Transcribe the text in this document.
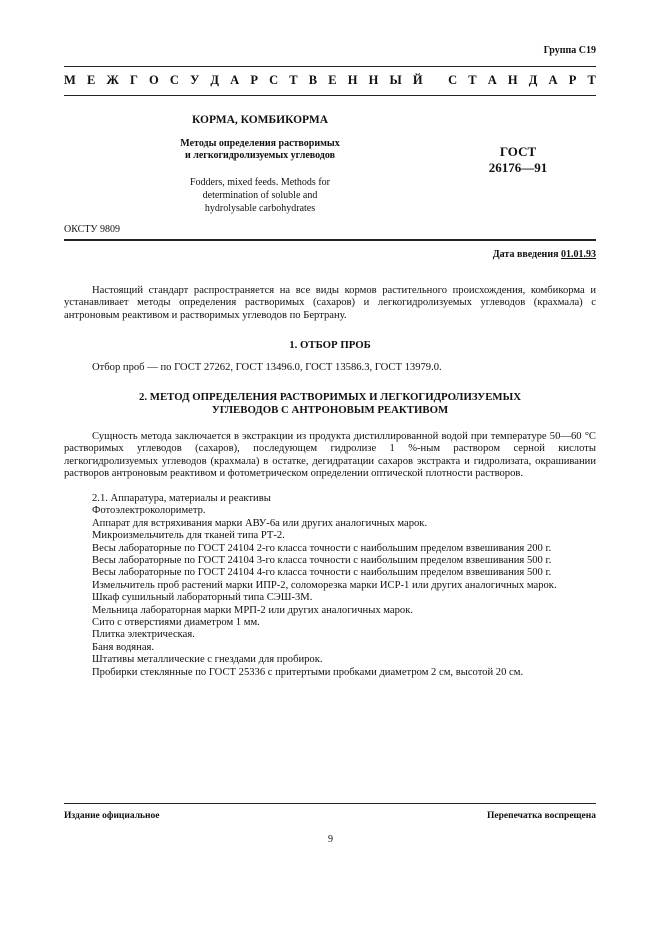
Группа С19
М Е Ж Г О С У Д А Р С Т В Е Н Н Ы Й
С Т А Н Д А Р Т
КОРМА, КОМБИКОРМА
Методы определения растворимых
и легкогидролизуемых углеводов
Fodders, mixed feeds. Methods for
determination of soluble and
hydrolysable carbohydrates
ГОСТ
26176—91
ОКСТУ 9809
Дата введения 01.01.93
Настоящий стандарт распространяется на все виды кормов растительного происхождения, комбикорма и устанавливает методы определения растворимых (сахаров) и легкогидролизуемых углеводов (крахмала) с антроновым реактивом и растворимых углеводов по Бертрану.
1. ОТБОР ПРОБ
Отбор проб — по ГОСТ 27262, ГОСТ 13496.0, ГОСТ 13586.3, ГОСТ 13979.0.
2. МЕТОД ОПРЕДЕЛЕНИЯ РАСТВОРИМЫХ И ЛЕГКОГИДРОЛИЗУЕМЫХ
УГЛЕВОДОВ С АНТРОНОВЫМ РЕАКТИВОМ
Сущность метода заключается в экстракции из продукта дистиллированной водой при температуре 50—60 °С растворимых углеводов (сахаров), последующем гидролизе 1 %-ным раствором серной кислоты легкогидролизуемых углеводов (крахмала) в остатке, дегидратации сахаров экстракта и гидролизата, окрашивании растворов антроновым реактивом и фотометрическом определении оптической плотности растворов.
2.1. Аппаратура, материалы и реактивы
Фотоэлектроколориметр.
Аппарат для встряхивания марки АВУ-6а или других аналогичных марок.
Микроизмельчитель для тканей типа РТ-2.
Весы лабораторные по ГОСТ 24104 2-го класса точности с наибольшим пределом взвешивания 200 г.
Весы лабораторные по ГОСТ 24104 3-го класса точности с наибольшим пределом взвешивания 500 г.
Весы лабораторные по ГОСТ 24104 4-го класса точности с наибольшим пределом взвешивания 500 г.
Измельчитель проб растений марки ИПР-2, соломорезка марки ИСР-1 или других аналогичных марок.
Шкаф сушильный лабораторный типа СЭШ-3М.
Мельница лабораторная марки МРП-2 или других аналогичных марок.
Сито с отверстиями диаметром 1 мм.
Плитка электрическая.
Баня водяная.
Штативы металлические с гнездами для пробирок.
Пробирки стеклянные по ГОСТ 25336 с притертыми пробками диаметром 2 см, высотой 20 см.
Издание официальное	Перепечатка воспрещена
9
